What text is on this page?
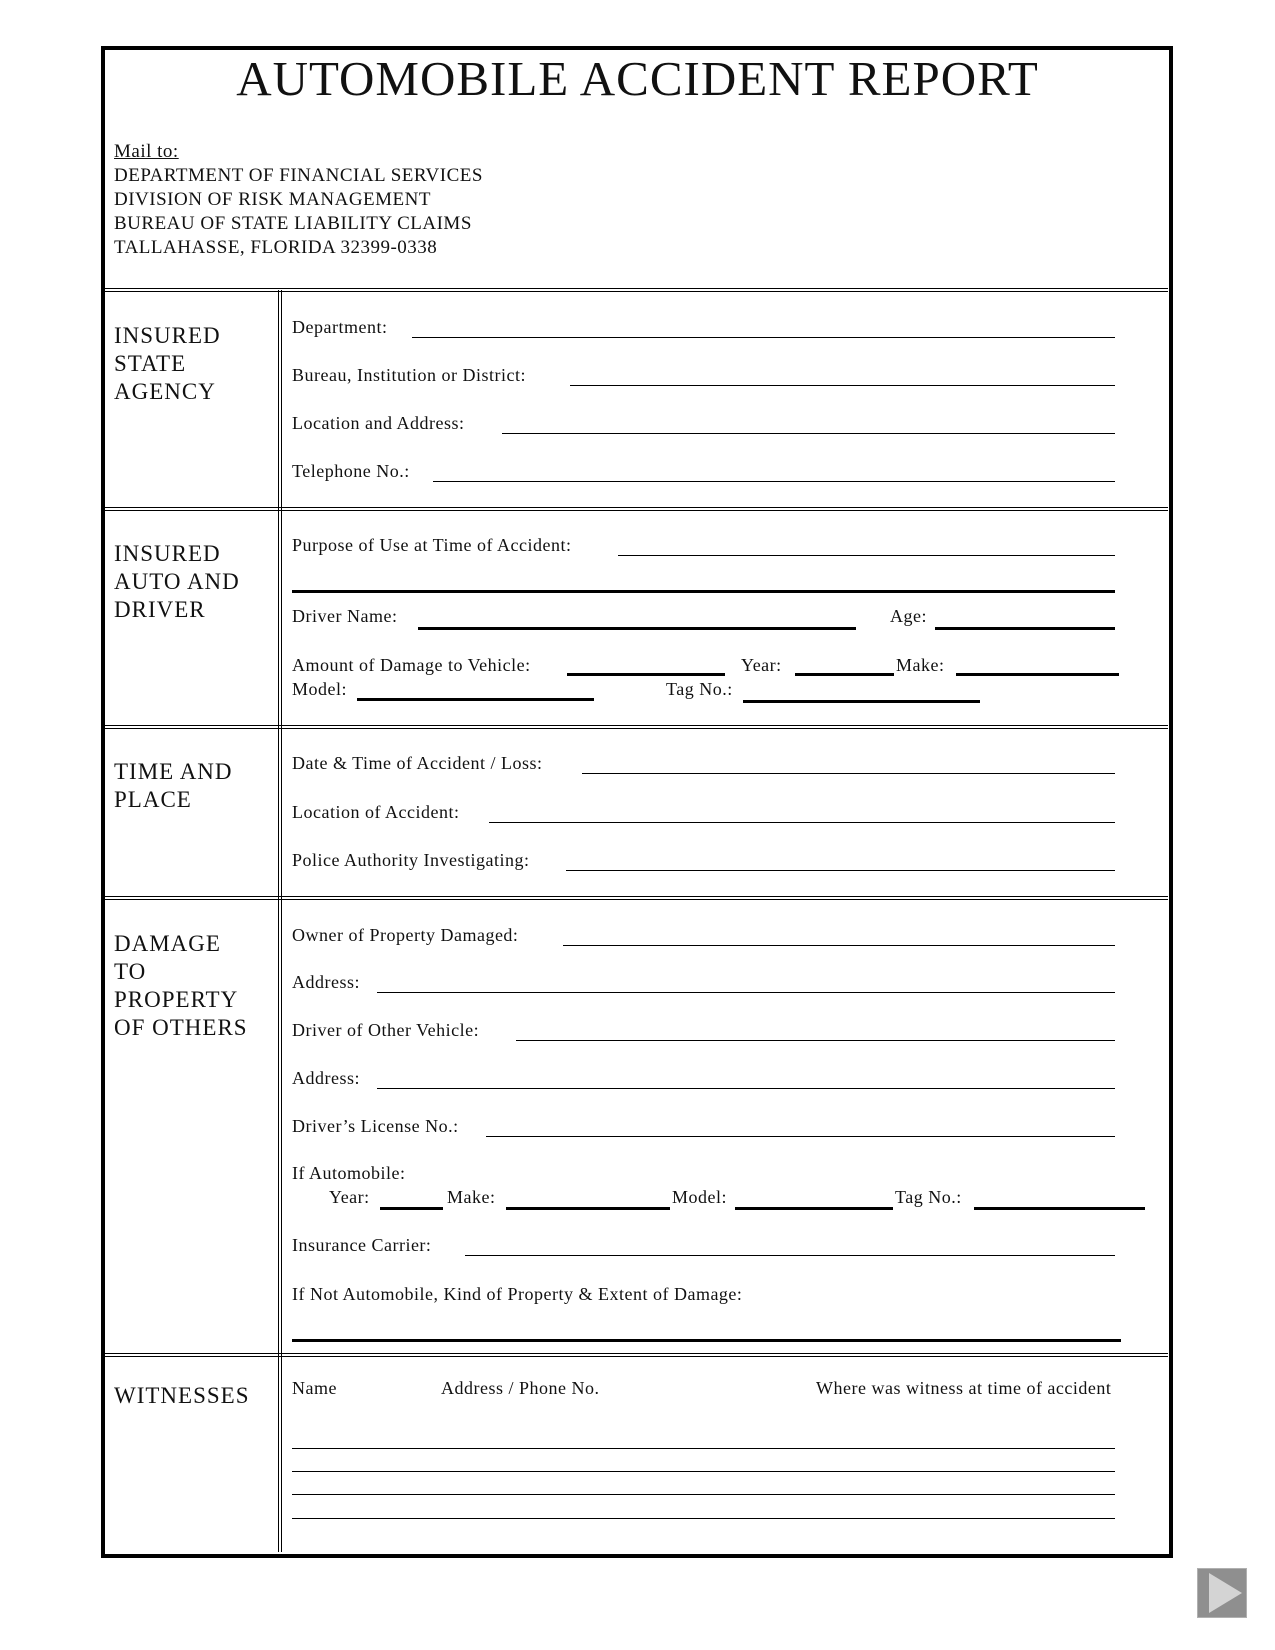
AUTOMOBILE ACCIDENT REPORT
Mail to:
DEPARTMENT OF FINANCIAL SERVICES
DIVISION OF RISK MANAGEMENT
BUREAU OF STATE LIABILITY CLAIMS
TALLAHASSE, FLORIDA 32399-0338
INSURED
STATE
AGENCY
Department:
Bureau, Institution or District:
Location and Address:
Telephone No.:
INSURED
AUTO AND
DRIVER
Purpose of Use at Time of Accident:
Driver Name:	Age:
Amount of Damage to Vehicle:	Year:	Make:
Model:	Tag No.:
TIME AND
PLACE
Date & Time of Accident / Loss:
Location of Accident:
Police Authority Investigating:
DAMAGE
TO
PROPERTY
OF OTHERS
Owner of Property Damaged:
Address:
Driver of Other Vehicle:
Address:
Driver’s License No.:
If Automobile:
Year:	Make:	Model:	Tag No.:
Insurance Carrier:
If Not Automobile, Kind of Property & Extent of Damage:
WITNESSES Name	Address / Phone No.	Where was witness at time of accident
